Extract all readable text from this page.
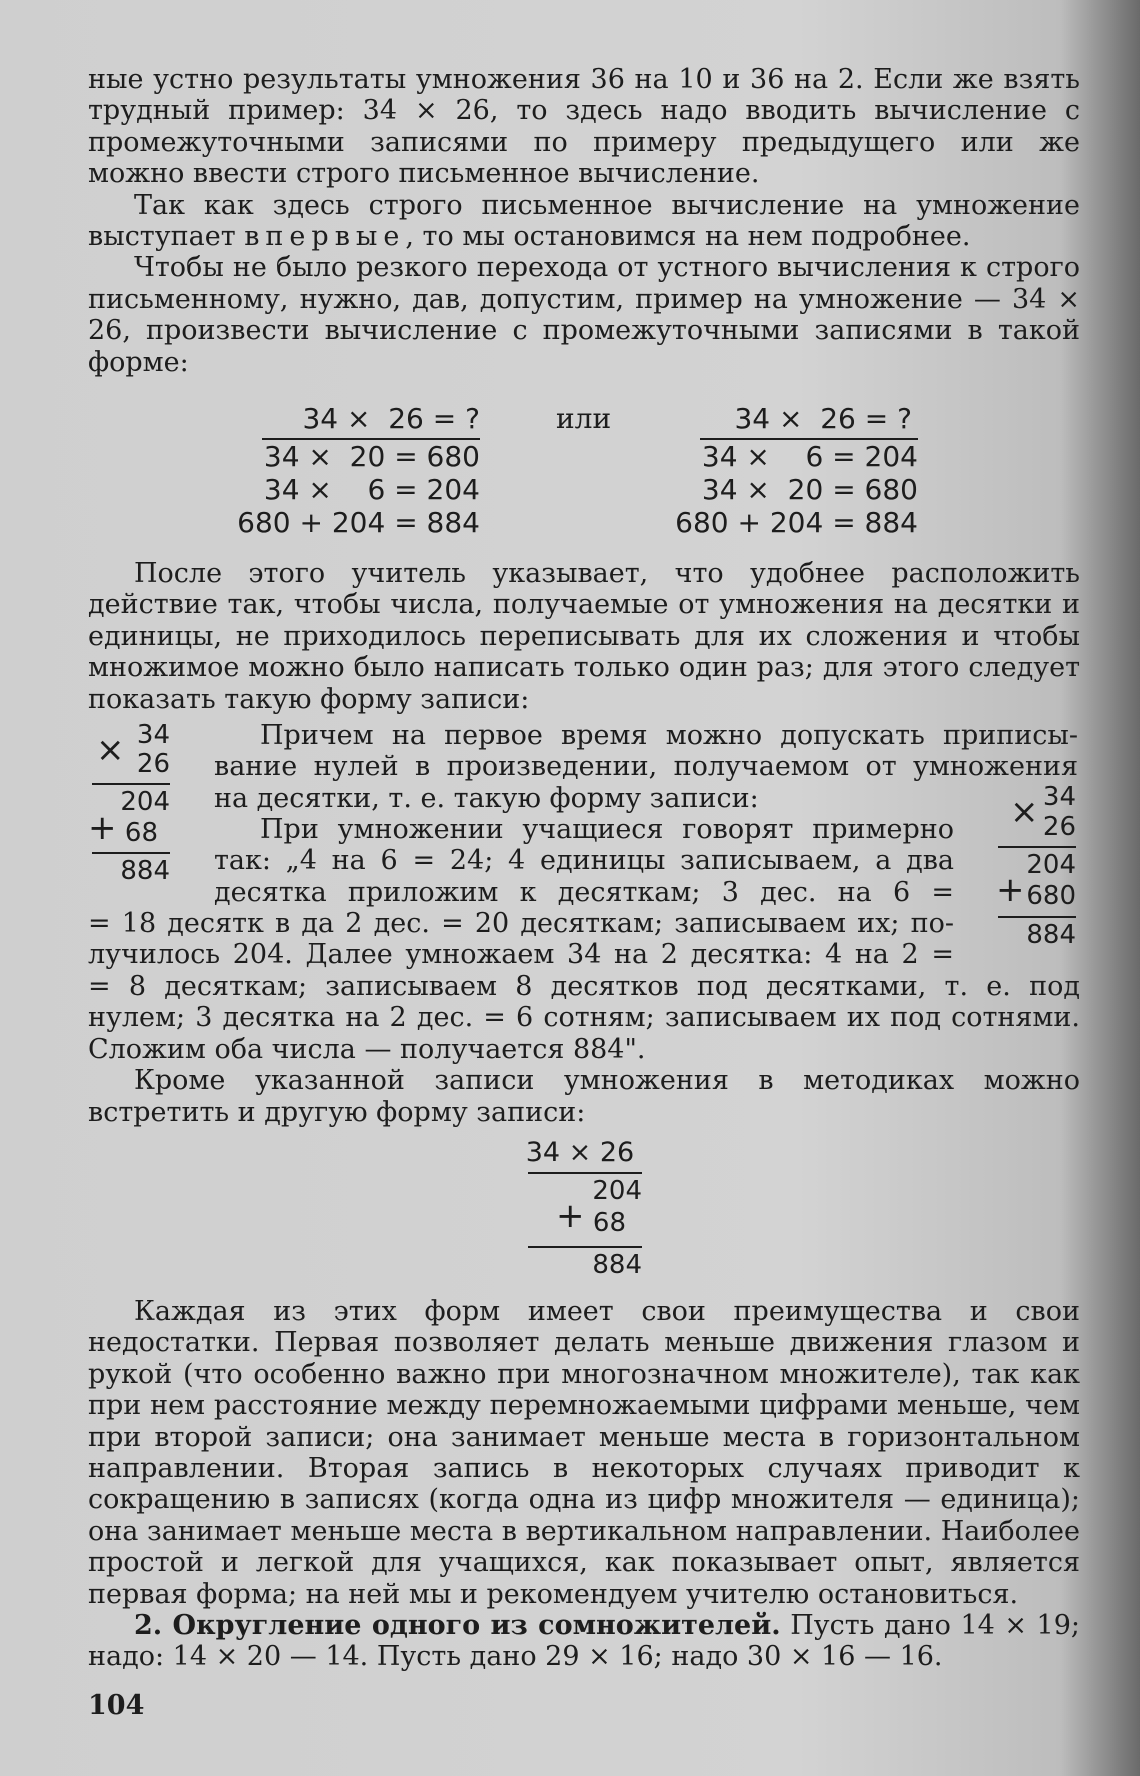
ные устно результаты умножения 36 на 10 и 36 на 2. Если же взять трудный пример: 34 × 26, то здесь надо вводить вычисление с промежуточными записями по примеру предыдущего или же можно ввести строго письменное вычисление.

Так как здесь строго письменное вычисление на умножение выступает впервые, то мы остановимся на нем подробнее.

Чтобы не было резкого перехода от устного вычисления к строго письменному, нужно, дав, допустим, пример на умножение — 34 × 26, произвести вычисление с промежуточными записями в такой форме:

34 ×  26 = ?
34 ×  20 = 680
34 ×    6 = 204
680 + 204 = 884
или	34 ×  26 = ?
34 ×    6 = 204
34 ×  20 = 680
680 + 204 = 884

После этого учитель указывает, что удобнее расположить действие так, чтобы числа, получаемые от умножения на десятки и единицы, не приходилось переписывать для их сложения и чтобы множимое можно было написать только один раз; для этого следует показать такую форму записи:

× 34
26
204
+ 68
884

Причем на первое время можно допускать приписы-

вание нулей в произведении, получаемом от умножения

на десятки, т. е. такую форму записи:

При умножении учащиеся говорят примерно

так: „4 на 6 = 24; 4 единицы записываем, а два

десятка приложим к десяткам; 3 дес. на 6 =

= 18 десятк в да 2 дес. = 20 десяткам; записываем их; по-

лучилось 204. Далее умножаем 34 на 2 десятка: 4 на 2 =

× 34
26
204
+ 680
884

= 8 десяткам; записываем 8 десятков под десятками, т. е. под нулем; 3 десятка на 2 дес. = 6 сотням; записываем их под сотнями. Сложим оба числа — получается 884".

Кроме указанной записи умножения в методиках можно встретить и другую форму записи:

34 × 26
204
+ 68
884

Каждая из этих форм имеет свои преимущества и свои недостатки. Первая позволяет делать меньше движения глазом и рукой (что особенно важно при многозначном множителе), так как при нем расстояние между перемножаемыми цифрами меньше, чем при второй записи; она занимает меньше места в горизонтальном направлении. Вторая запись в некоторых случаях приводит к сокращению в записях (когда одна из цифр множителя — единица); она занимает меньше места в вертикальном направлении. Наиболее простой и легкой для учащихся, как показывает опыт, является первая форма; на ней мы и рекомендуем учителю остановиться.

2. Округление одного из сомножителей. Пусть дано 14 × 19; надо: 14 × 20 — 14. Пусть дано 29 × 16; надо 30 × 16 — 16.

104
